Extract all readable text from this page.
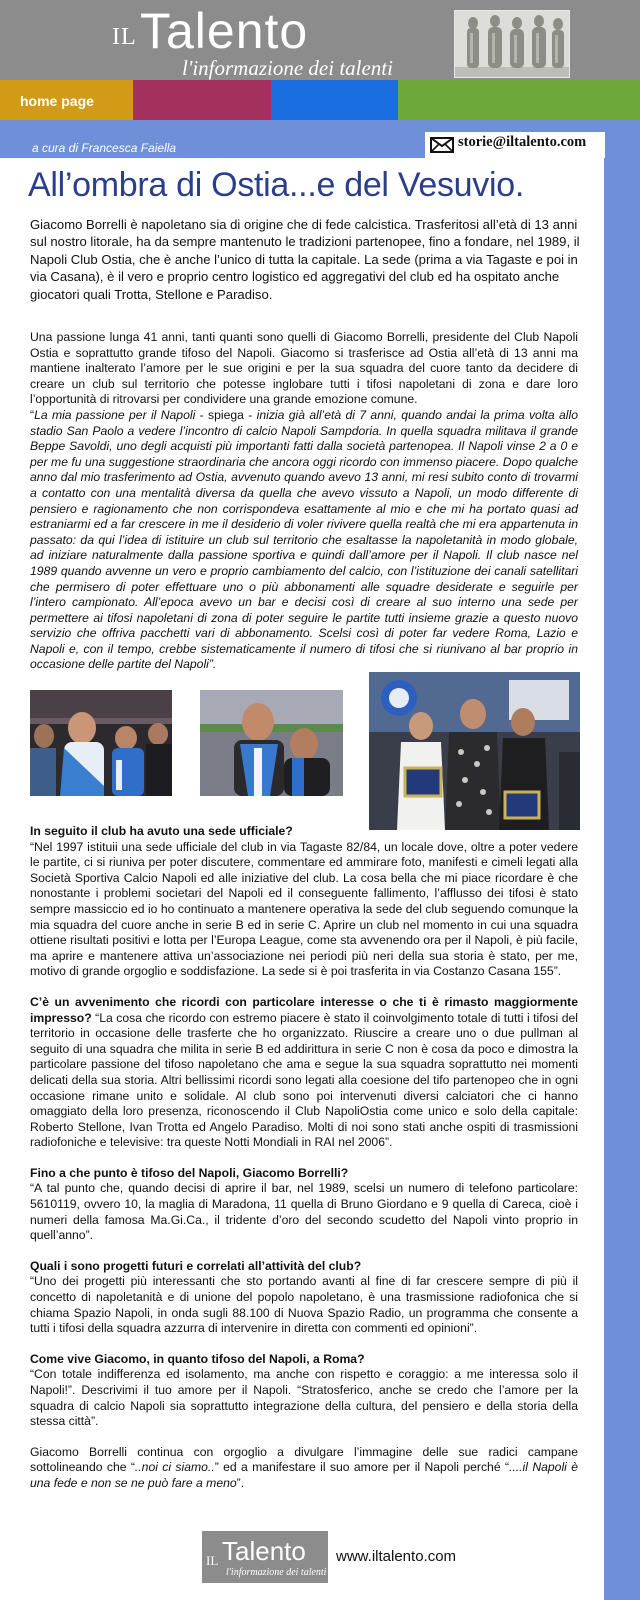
IL Talento
l'informazione dei talenti
home page
a cura di Francesca Faiella	storie@iltalento.com
All’ombra di Ostia...e del Vesuvio.
Giacomo Borrelli è napoletano sia di origine che di fede calcistica. Trasferitosi all’età di 13 anni sul nostro litorale, ha da sempre mantenuto le tradizioni partenopee, fino a fondare, nel 1989, il Napoli Club Ostia, che è anche l’unico di tutta la capitale. La sede (prima a via Tagaste e poi in via Casana), è il vero e proprio centro logistico ed aggregativi del club ed ha ospitato anche giocatori quali Trotta, Stellone e Paradiso.

Una passione lunga 41 anni, tanti quanti sono quelli di Giacomo Borrelli, presidente del Club Napoli Ostia e soprattutto grande tifoso del Napoli. Giacomo si trasferisce ad Ostia all’età di 13 anni ma mantiene inalterato l’amore per le sue origini e per la sua squadra del cuore tanto da decidere di creare un club sul territorio che potesse inglobare tutti i tifosi napoletani di zona e dare loro l’opportunità di ritrovarsi per condividere una grande emozione comune.

“La mia passione per il Napoli - spiega - inizia già all’età di 7 anni, quando andai la prima volta allo stadio San Paolo a vedere l’incontro di calcio Napoli Sampdoria. In quella squadra militava il grande Beppe Savoldi, uno degli acquisti più importanti fatti dalla società partenopea. Il Napoli vinse 2 a 0 e per me fu una suggestione straordinaria che ancora oggi ricordo con immenso piacere. Dopo qualche anno dal mio trasferimento ad Ostia, avvenuto quando avevo 13 anni, mi resi subito conto di trovarmi a contatto con una mentalità diversa da quella che avevo vissuto a Napoli, un modo differente di pensiero e ragionamento che non corrispondeva esattamente al mio e che mi ha portato quasi ad estraniarmi ed a far crescere in me il desiderio di voler rivivere quella realtà che mi era appartenuta in passato: da qui l’idea di istituire un club sul territorio che esaltasse la napoletanità in modo globale, ad iniziare naturalmente dalla passione sportiva e quindi dall’amore per il Napoli. Il club nasce nel 1989 quando avvenne un vero e proprio cambiamento del calcio, con l’istituzione dei canali satellitari che permisero di poter effettuare uno o più abbonamenti alle squadre desiderate e seguirle per l’intero campionato. All’epoca avevo un bar e decisi così di creare al suo interno una sede per permettere ai tifosi napoletani di zona di poter seguire le partite tutti insieme grazie a questo nuovo servizio che offriva pacchetti vari di abbonamento. Scelsi così di poter far vedere Roma, Lazio e Napoli e, con il tempo, crebbe sistematicamente il numero di tifosi che si riunivano al bar proprio in occasione delle partite del Napoli”.

In seguito il club ha avuto una sede ufficiale?
“Nel 1997 istituii una sede ufficiale del club in via Tagaste 82/84, un locale dove, oltre a poter vedere le partite, ci si riuniva per poter discutere, commentare ed ammirare foto, manifesti e cimeli legati alla Società Sportiva Calcio Napoli ed alle iniziative del club. La cosa bella che mi piace ricordare è che nonostante i problemi societari del Napoli ed il conseguente fallimento, l’afflusso dei tifosi è stato sempre massiccio ed io ho continuato a mantenere operativa la sede del club seguendo comunque la mia squadra del cuore anche in serie B ed in serie C. Aprire un club nel momento in cui una squadra ottiene risultati positivi e lotta per l’Europa League, come sta avvenendo ora per il Napoli, è più facile, ma aprire e mantenere attiva un’associazione nei periodi più neri della sua storia è stato, per me, motivo di grande orgoglio e soddisfazione. La sede si è poi trasferita in via Costanzo Casana 155”.

C’è un avvenimento che ricordi con particolare interesse o che ti è rimasto maggiormente impresso? “La cosa che ricordo con estremo piacere è stato il coinvolgimento totale di tutti i tifosi del territorio in occasione delle trasferte che ho organizzato. Riuscire a creare uno o due pullman al seguito di una squadra che milita in serie B ed addirittura in serie C non è cosa da poco e dimostra la particolare passione del tifoso napoletano che ama e segue la sua squadra soprattutto nei momenti delicati della sua storia. Altri bellissimi ricordi sono legati alla coesione del tifo partenopeo che in ogni occasione rimane unito e solidale. Al club sono poi intervenuti diversi calciatori che ci hanno omaggiato della loro presenza, riconoscendo il Club NapoliOstia come unico e solo della capitale: Roberto Stellone, Ivan Trotta ed Angelo Paradiso. Molti di noi sono stati anche ospiti di trasmissioni radiofoniche e televisive: tra queste Notti Mondiali in RAI nel 2006”.

Fino a che punto è tifoso del Napoli, Giacomo Borrelli?
“A tal punto che, quando decisi di aprire il bar, nel 1989, scelsi un numero di telefono particolare: 5610119, ovvero 10, la maglia di Maradona, 11 quella di Bruno Giordano e 9 quella di Careca, cioè i numeri della famosa Ma.Gi.Ca., il tridente d’oro del secondo scudetto del Napoli vinto proprio in quell’anno”.

Quali i sono progetti futuri e correlati all’attività del club?
“Uno dei progetti più interessanti che sto portando avanti al fine di far crescere sempre di più il concetto di napoletanità e di unione del popolo napoletano, è una trasmissione radiofonica che si chiama Spazio Napoli, in onda sugli 88.100 di Nuova Spazio Radio, un programma che consente a tutti i tifosi della squadra azzurra di intervenire in diretta con commenti ed opinioni”.

Come vive Giacomo, in quanto tifoso del Napoli, a Roma?
“Con totale indifferenza ed isolamento, ma anche con rispetto e coraggio: a me interessa solo il Napoli!”. Descrivimi il tuo amore per il Napoli. “Stratosferico, anche se credo che l’amore per la squadra di calcio Napoli sia soprattutto integrazione della cultura, del pensiero e della storia della stessa città”.

Giacomo Borrelli continua con orgoglio a divulgare l’immagine delle sue radici campane sottolineando che “..noi ci siamo..” ed a manifestare il suo amore per il Napoli perché “....il Napoli è una fede e non se ne può fare a meno”.

IL Talento
l'informazione dei talenti
www.iltalento.com
